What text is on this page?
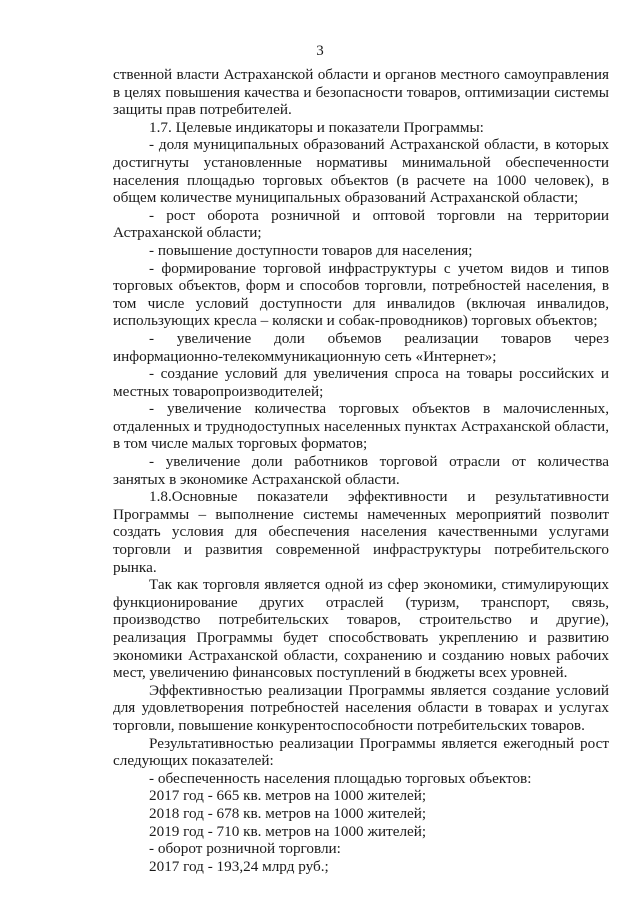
3

ственной власти Астраханской области и органов местного самоуправления в целях повышения качества и безопасности товаров, оптимизации системы защиты прав потребителей.

1.7. Целевые индикаторы и показатели Программы:

- доля муниципальных образований Астраханской области, в которых достигнуты установленные нормативы минимальной обеспеченности населения площадью торговых объектов (в расчете на 1000 человек), в общем количестве муниципальных образований Астраханской области;

- рост оборота розничной и оптовой торговли на территории Астраханской области;

- повышение доступности товаров для населения;

- формирование торговой инфраструктуры с учетом видов и типов торговых объектов, форм и способов торговли, потребностей населения, в том числе условий доступности для инвалидов (включая инвалидов, использующих кресла – коляски и собак-проводников) торговых объектов;

- увеличение доли объемов реализации товаров через информационно-телекоммуникационную сеть «Интернет»;

- создание условий для увеличения спроса на товары российских и местных товаропроизводителей;

- увеличение количества торговых объектов в малочисленных, отдаленных и труднодоступных населенных пунктах Астраханской области, в том числе малых торговых форматов;

- увеличение доли работников торговой отрасли от количества занятых в экономике Астраханской области.

1.8.Основные показатели эффективности и результативности Программы – выполнение системы намеченных мероприятий позволит создать условия для обеспечения населения качественными услугами торговли и развития современной инфраструктуры потребительского рынка.

Так как торговля является одной из сфер экономики, стимулирующих функционирование других отраслей (туризм, транспорт, связь, производство потребительских товаров, строительство и другие), реализация Программы будет способствовать укреплению и развитию экономики Астраханской области, сохранению и созданию новых рабочих мест, увеличению финансовых поступлений в бюджеты всех уровней.

Эффективностью реализации Программы является создание условий для удовлетворения потребностей населения области в товарах и услугах торговли, повышение конкурентоспособности потребительских товаров.

Результативностью реализации Программы является ежегодный рост следующих показателей:

- обеспеченность населения площадью торговых объектов:

2017 год - 665 кв. метров на 1000 жителей;

2018 год - 678 кв. метров на 1000 жителей;

2019 год - 710 кв. метров на 1000 жителей;

- оборот розничной торговли:

2017 год - 193,24 млрд руб.;
